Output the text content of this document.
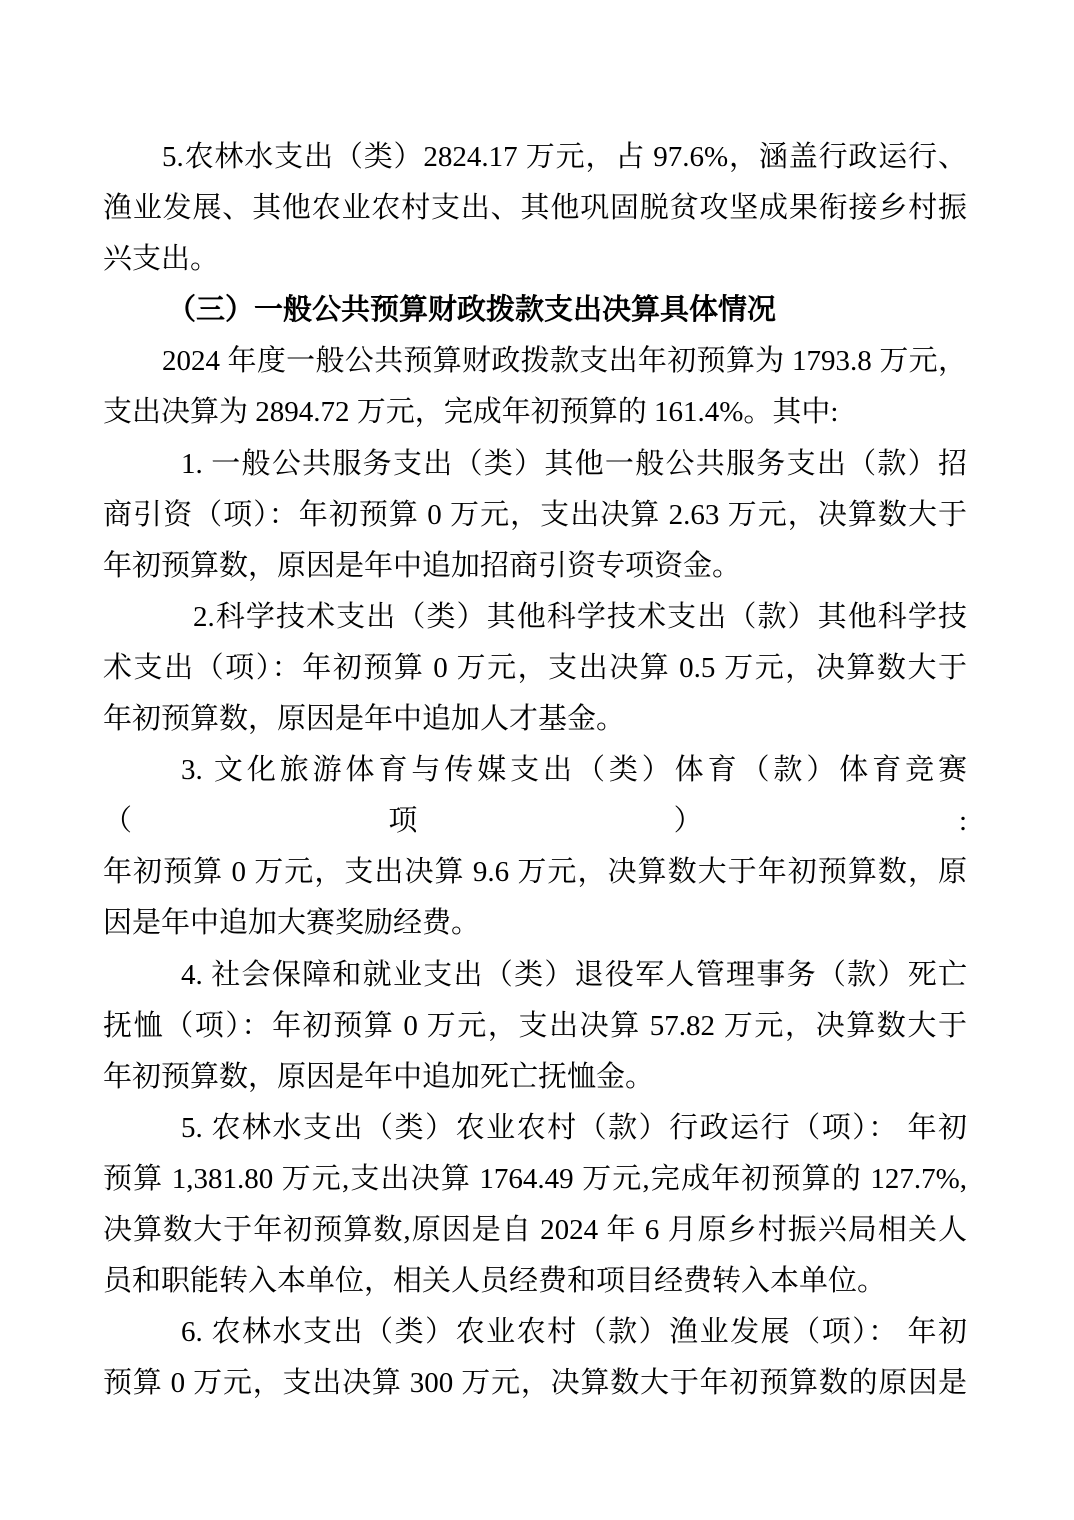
5.农林水支出（类）2824.17 万元，占 97.6%，涵盖行政运行、
渔业发展、其他农业农村支出、其他巩固脱贫攻坚成果衔接乡村振
兴支出。
（三）一般公共预算财政拨款支出决算具体情况
2024 年度一般公共预算财政拨款支出年初预算为 1793.8 万元，
支出决算为 2894.72 万元，完成年初预算的 161.4%。其中:
1. 一般公共服务支出（类）其他一般公共服务支出（款）招
商引资（项）：年初预算 0 万元，支出决算 2.63 万元，决算数大于
年初预算数，原因是年中追加招商引资专项资金。
2.科学技术支出（类）其他科学技术支出（款）其他科学技
术支出（项）：年初预算 0 万元，支出决算 0.5 万元，决算数大于
年初预算数，原因是年中追加人才基金。
3. 文化旅游体育与传媒支出（类）体育（款）体育竞赛（项）:
年初预算 0 万元，支出决算 9.6 万元，决算数大于年初预算数，原
因是年中追加大赛奖励经费。
4. 社会保障和就业支出（类）退役军人管理事务（款）死亡
抚恤（项）：年初预算 0 万元，支出决算 57.82 万元，决算数大于
年初预算数，原因是年中追加死亡抚恤金。
5. 农林水支出（类）农业农村（款）行政运行（项）： 年初
预算 1,381.80 万元,支出决算 1764.49 万元,完成年初预算的 127.7%,
决算数大于年初预算数,原因是自 2024 年 6 月原乡村振兴局相关人
员和职能转入本单位，相关人员经费和项目经费转入本单位。
6. 农林水支出（类）农业农村（款）渔业发展（项）： 年初
预算 0 万元，支出决算 300 万元，决算数大于年初预算数的原因是
